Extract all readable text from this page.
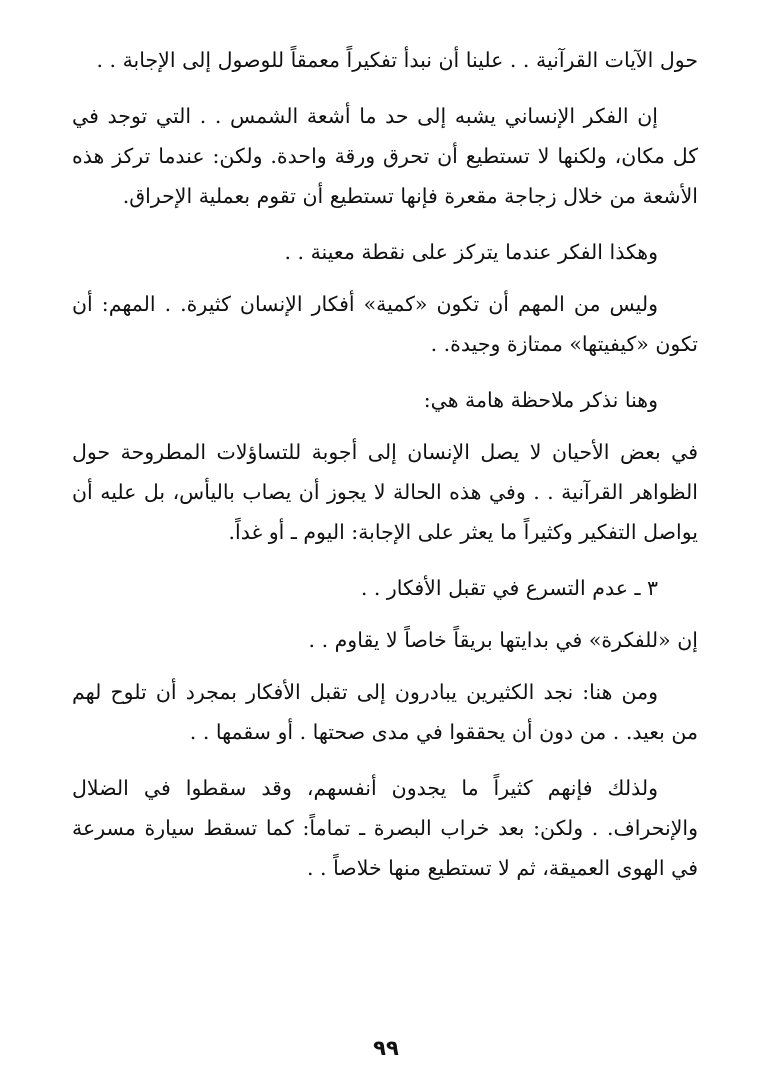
حول الآيات القرآنية . . علينا أن نبدأ تفكيراً معمقاً للوصول إلى الإجابة . .

إن الفكر الإنساني يشبه إلى حد ما أشعة الشمس . . التي توجد في كل مكان، ولكنها لا تستطيع أن تحرق ورقة واحدة. ولكن: عندما تركز هذه الأشعة من خلال زجاجة مقعرة فإنها تستطيع أن تقوم بعملية الإحراق.

وهكذا الفكر عندما يتركز على نقطة معينة . .

وليس من المهم أن تكون «كمية» أفكار الإنسان كثيرة. . المهم: أن تكون «كيفيتها» ممتازة وجيدة. .

وهنا نذكر ملاحظة هامة هي:

في بعض الأحيان لا يصل الإنسان إلى أجوبة للتساؤلات المطروحة حول الظواهر القرآنية . . وفي هذه الحالة لا يجوز أن يصاب باليأس، بل عليه أن يواصل التفكير وكثيراً ما يعثر على الإجابة: اليوم ـ أو غداً.

٣ ـ عدم التسرع في تقبل الأفكار . .

إن «للفكرة» في بدايتها بريقاً خاصاً لا يقاوم . .

ومن هنا: نجد الكثيرين يبادرون إلى تقبل الأفكار بمجرد أن تلوح لهم من بعيد. . من دون أن يحققوا في مدى صحتها . أو سقمها . .

ولذلك فإنهم كثيراً ما يجدون أنفسهم، وقد سقطوا في الضلال والإنحراف. . ولكن: بعد خراب البصرة ـ تماماً: كما تسقط سيارة مسرعة في الهوى العميقة، ثم لا تستطيع منها خلاصاً . .

٩٩
